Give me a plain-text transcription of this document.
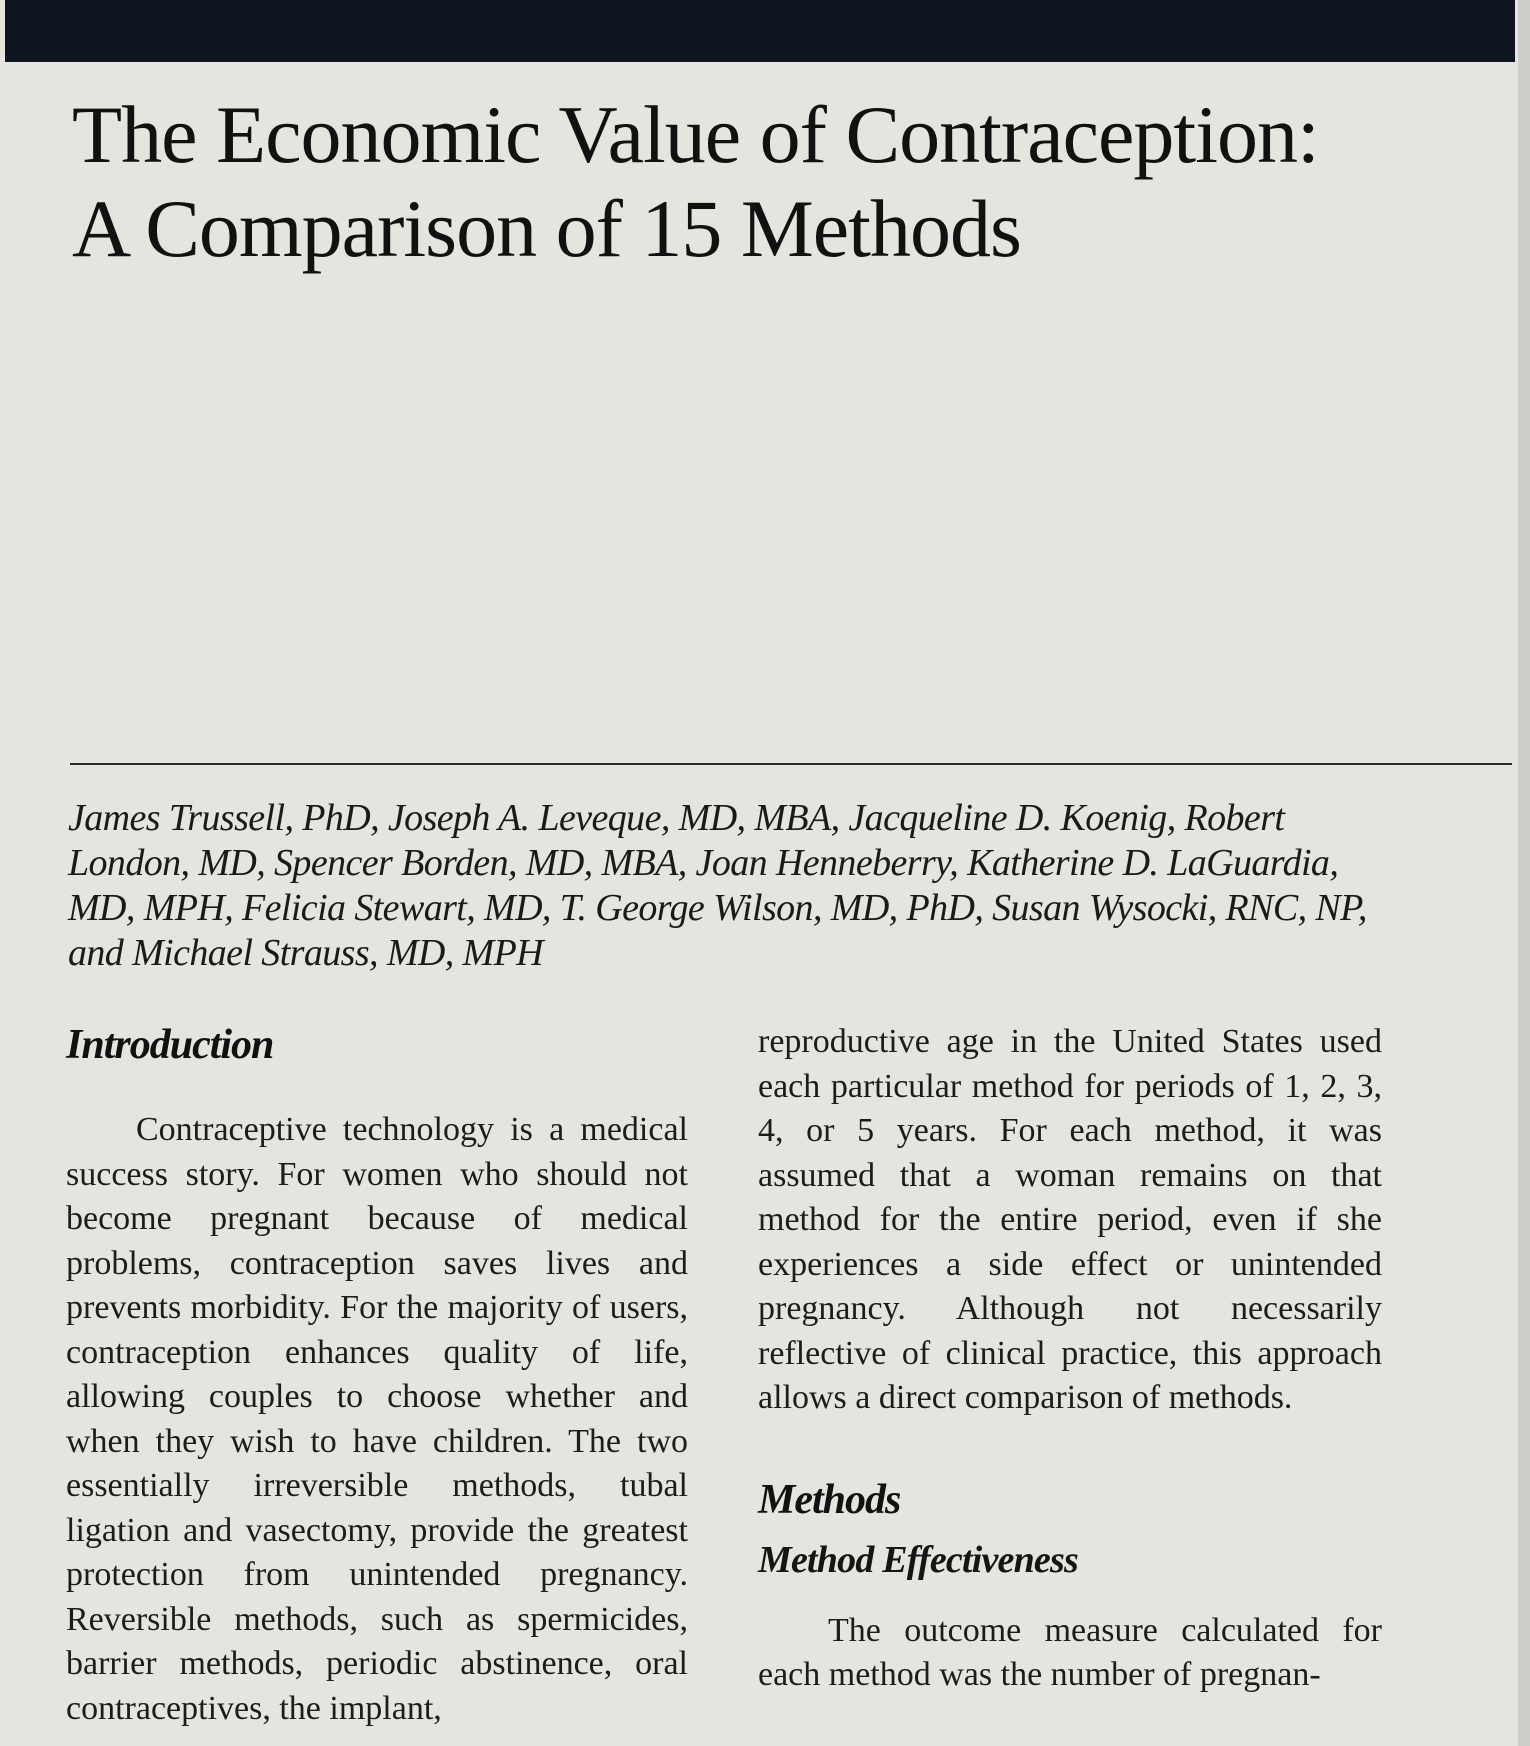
The Economic Value of Contraception:
A Comparison of 15 Methods
James Trussell, PhD, Joseph A. Leveque, MD, MBA, Jacqueline D. Koenig, Robert London, MD, Spencer Borden, MD, MBA, Joan Henneberry, Katherine D. LaGuardia, MD, MPH, Felicia Stewart, MD, T. George Wilson, MD, PhD, Susan Wysocki, RNC, NP, and Michael Strauss, MD, MPH
Introduction

Contraceptive technology is a medical success story. For women who should not become pregnant because of medical problems, contraception saves lives and prevents morbidity. For the majority of users, contraception enhances quality of life, allowing couples to choose whether and when they wish to have children. The two essentially irreversible methods, tubal ligation and vasectomy, provide the greatest protection from unintended pregnancy. Reversible methods, such as spermicides, barrier methods, periodic abstinence, oral contraceptives, the implant,

reproductive age in the United States used each particular method for periods of 1, 2, 3, 4, or 5 years. For each method, it was assumed that a woman remains on that method for the entire period, even if she experiences a side effect or unintended pregnancy. Although not necessarily reflective of clinical practice, this approach allows a direct comparison of methods.

Methods
Method Effectiveness

The outcome measure calculated for each method was the number of pregnan-
